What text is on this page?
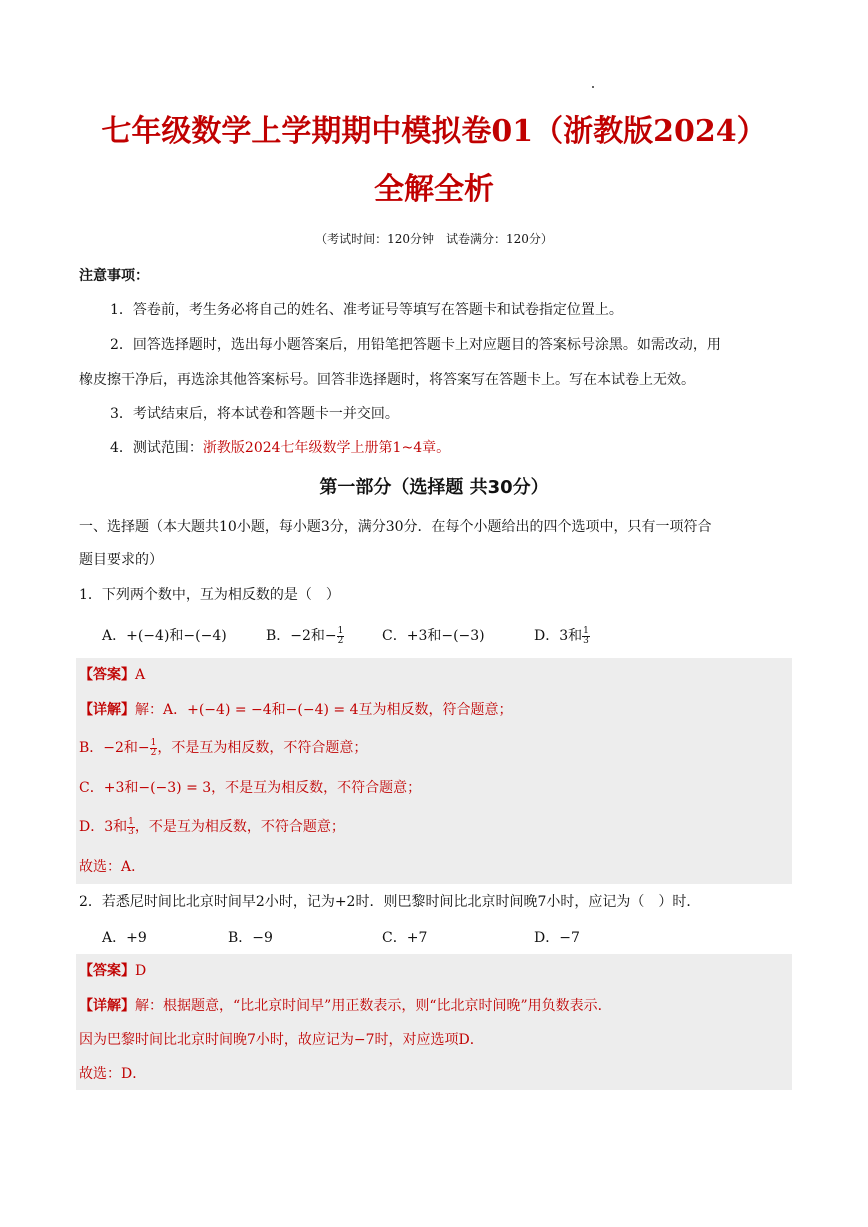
七年级数学上学期期中模拟卷01（浙教版2024）
全解全析
（考试时间：120分钟　试卷满分：120分）
注意事项：
1．答卷前，考生务必将自己的姓名、准考证号等填写在答题卡和试卷指定位置上。
2．回答选择题时，选出每小题答案后，用铅笔把答题卡上对应题目的答案标号涂黑。如需改动，用
橡皮擦干净后，再选涂其他答案标号。回答非选择题时，将答案写在答题卡上。写在本试卷上无效。
3．考试结束后，将本试卷和答题卡一并交回。
4．测试范围：浙教版2024七年级数学上册第1~4章。
第一部分（选择题 共30分）
一、选择题（本大题共10小题，每小题3分，满分30分．在每个小题给出的四个选项中，只有一项符合
题目要求的）
1．下列两个数中，互为相反数的是（　）
A．+(−4)和−(−4)	B．−2和− $\frac{1}{2}$	C．+3和−(−3)	D．3和 $\frac{1}{3}$
【答案】A
【详解】解：A．+(−4) = −4和−(−4) = 4互为相反数，符合题意；
B．−2和− $\frac{1}{2}$ ，不是互为相反数，不符合题意；
C．+3和−(−3) = 3，不是互为相反数，不符合题意；
D．3和 $\frac{1}{3}$ ，不是互为相反数，不符合题意；
故选：A．
2．若悉尼时间比北京时间早2小时，记为+2时．则巴黎时间比北京时间晚7小时，应记为（　）时．
A．+9	B．−9	C．+7	D．−7
【答案】D
【详解】解：根据题意，“比北京时间早”用正数表示，则“比北京时间晚”用负数表示．
因为巴黎时间比北京时间晚7小时，故应记为−7时，对应选项D．
故选：D．
